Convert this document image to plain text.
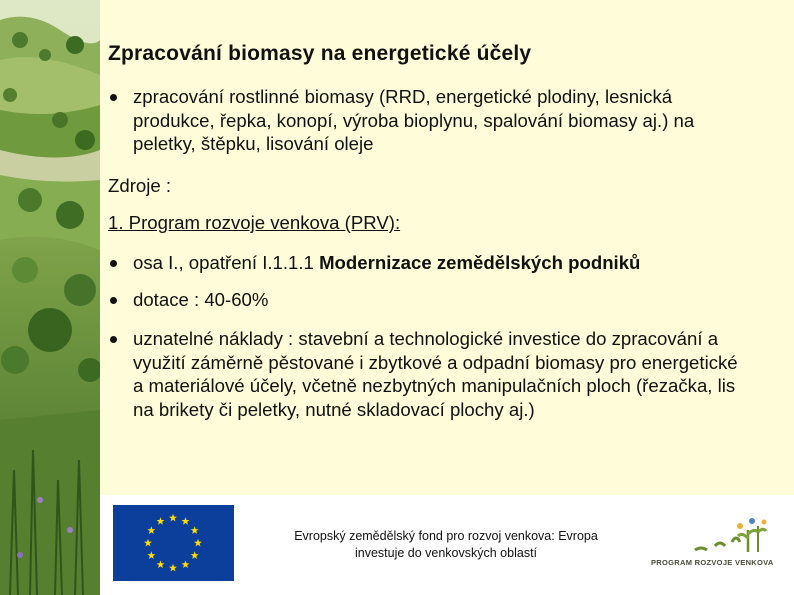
Zpracování biomasy na energetické účely
zpracování rostlinné biomasy (RRD, energetické plodiny, lesnická produkce, řepka, konopí, výroba bioplynu, spalování biomasy aj.) na peletky, štěpku, lisování oleje
Zdroje :
1. Program rozvoje venkova (PRV):
osa I., opatření I.1.1.1 Modernizace zemědělských podniků
dotace : 40-60%
uznatelné náklady : stavební a technologické investice do zpracování a využití záměrně pěstované i zbytkové a odpadní biomasy pro energetické a materiálové účely, včetně nezbytných manipulačních ploch (řezačka, lis na brikety či peletky, nutné skladovací plochy aj.)
Evropský zemědělský fond pro rozvoj venkova: Evropa
investuje do venkovských oblastí
PROGRAM ROZVOJE VENKOVA
